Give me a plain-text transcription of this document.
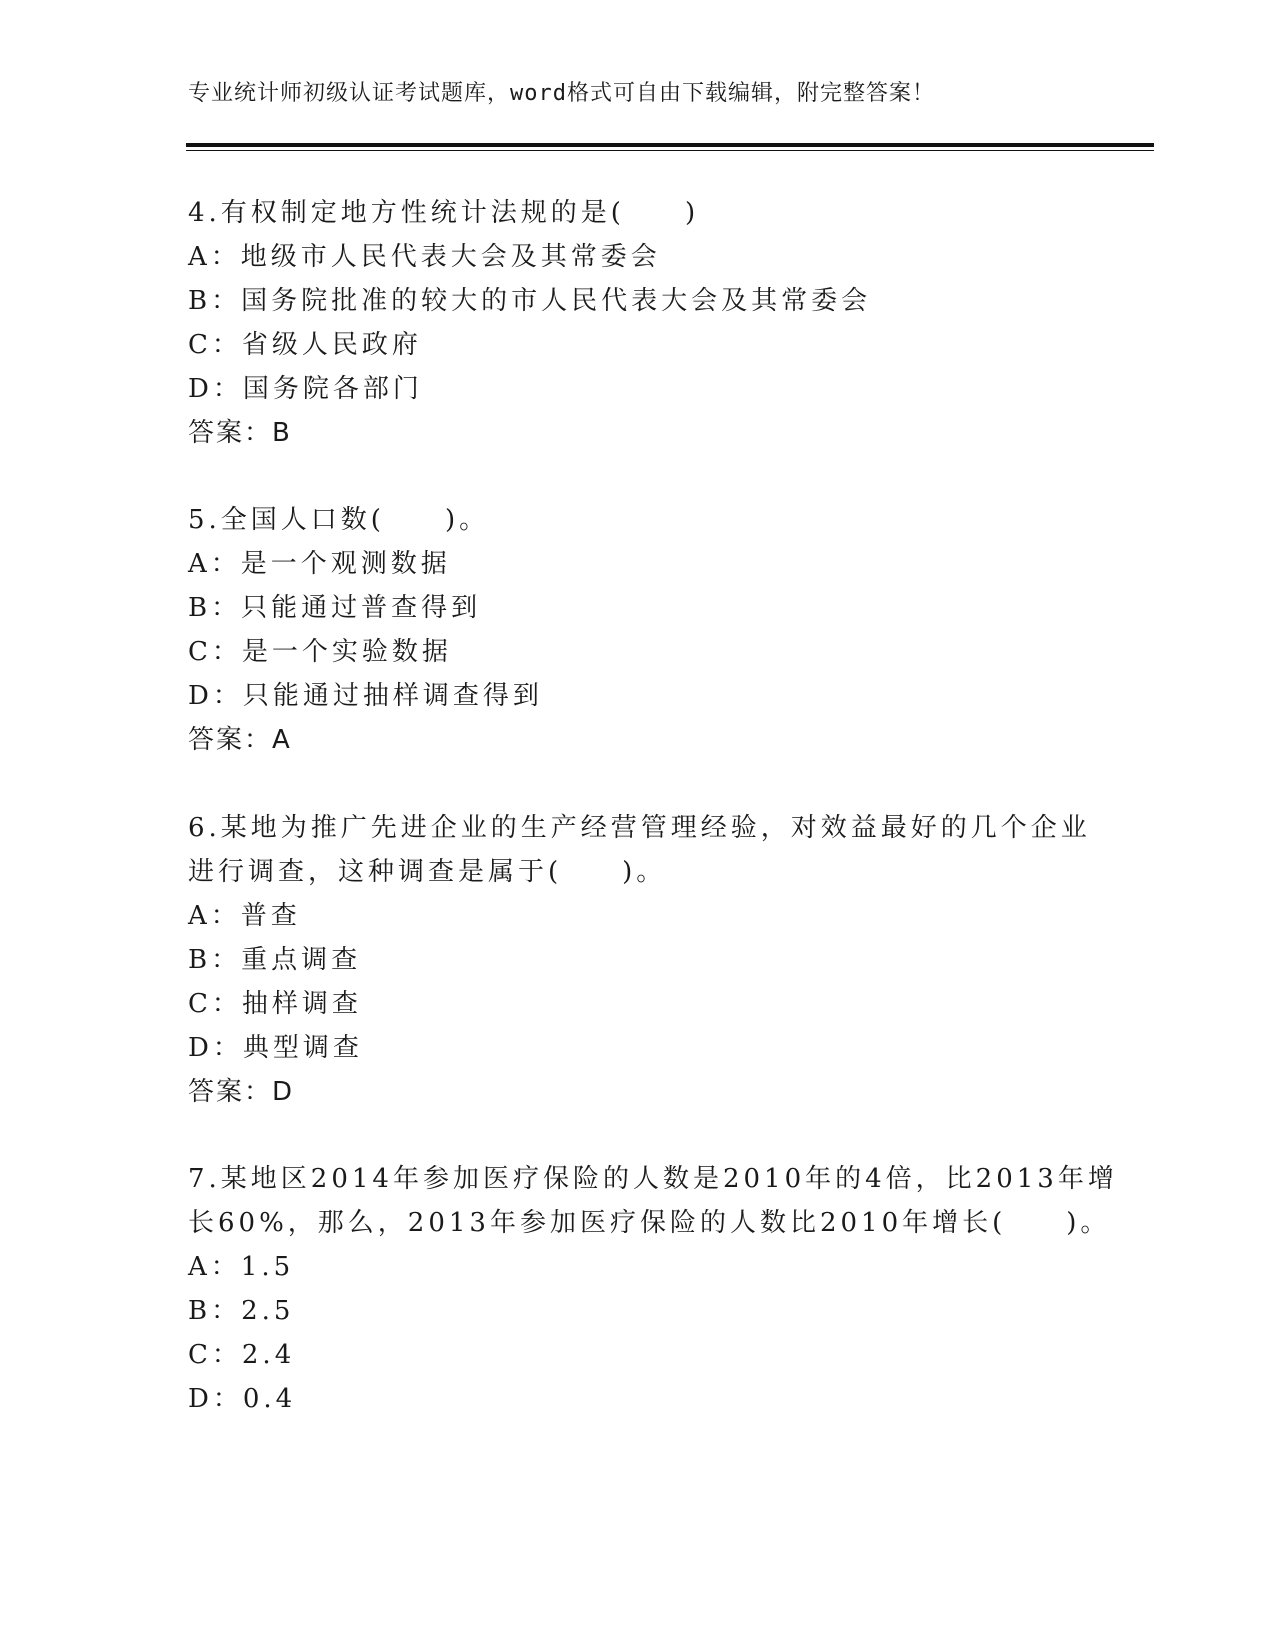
专业统计师初级认证考试题库，word格式可自由下载编辑，附完整答案！
4.有权制定地方性统计法规的是(　　)
A：地级市人民代表大会及其常委会
B：国务院批准的较大的市人民代表大会及其常委会
C：省级人民政府
D：国务院各部门
答案：B
5.全国人口数(　　)。
A：是一个观测数据
B：只能通过普查得到
C：是一个实验数据
D：只能通过抽样调查得到
答案：A
6.某地为推广先进企业的生产经营管理经验，对效益最好的几个企业
进行调查，这种调查是属于(　　)。
A：普查
B：重点调查
C：抽样调查
D：典型调查
答案：D
7.某地区2014年参加医疗保险的人数是2010年的4倍，比2013年增
长60%，那么，2013年参加医疗保险的人数比2010年增长(　　)。
A：1.5
B：2.5
C：2.4
D：0.4
